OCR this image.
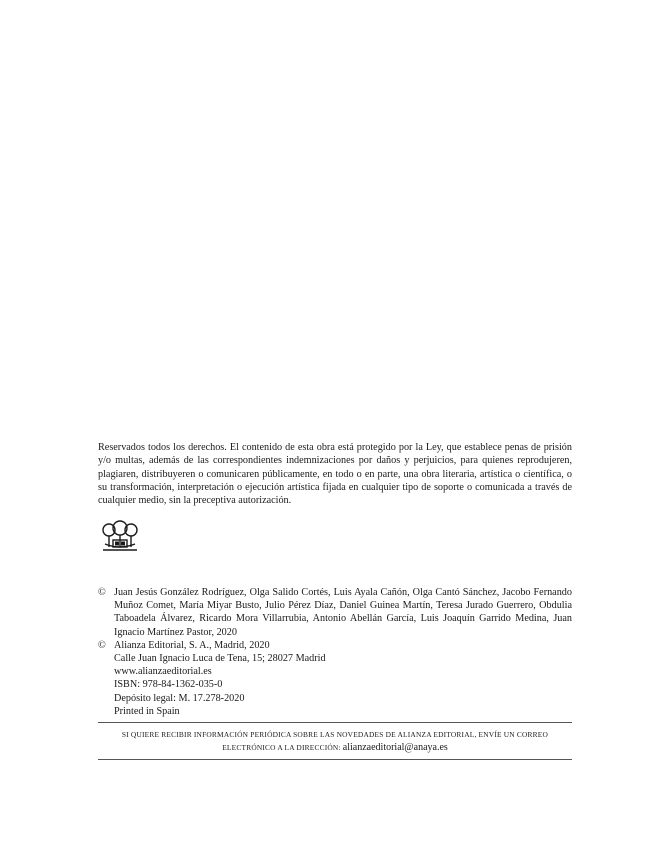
Reservados todos los derechos. El contenido de esta obra está protegido por la Ley, que establece penas de prisión y/o multas, además de las correspondientes indemnizaciones por daños y perjuicios, para quienes reprodujeren, plagiaren, distribuyeren o comunicaren públicamente, en todo o en parte, una obra literaria, artística o científica, o su transformación, interpretación o ejecución artística fijada en cualquier tipo de soporte o comunicada a través de cualquier medio, sin la preceptiva autorización.

© Juan Jesús González Rodríguez, Olga Salido Cortés, Luis Ayala Cañón, Olga Cantó Sánchez, Jacobo Fernando Muñoz Comet, María Miyar Busto, Julio Pérez Díaz, Daniel Guinea Martín, Teresa Jurado Guerrero, Obdulia Taboadela Álvarez, Ricardo Mora Villarrubia, Antonio Abellán García, Luis Joaquín Garrido Medina, Juan Ignacio Martínez Pastor, 2020
© Alianza Editorial, S. A., Madrid, 2020

Calle Juan Ignacio Luca de Tena, 15; 28027 Madrid

www.alianzaeditorial.es

ISBN: 978-84-1362-035-0

Depósito legal: M. 17.278-2020

Printed in Spain

SI QUIERE RECIBIR INFORMACIÓN PERIÓDICA SOBRE LAS NOVEDADES DE ALIANZA EDITORIAL, ENVÍE UN CORREO
ELECTRÓNICO A LA DIRECCIÓN: alianzaeditorial@anaya.es
